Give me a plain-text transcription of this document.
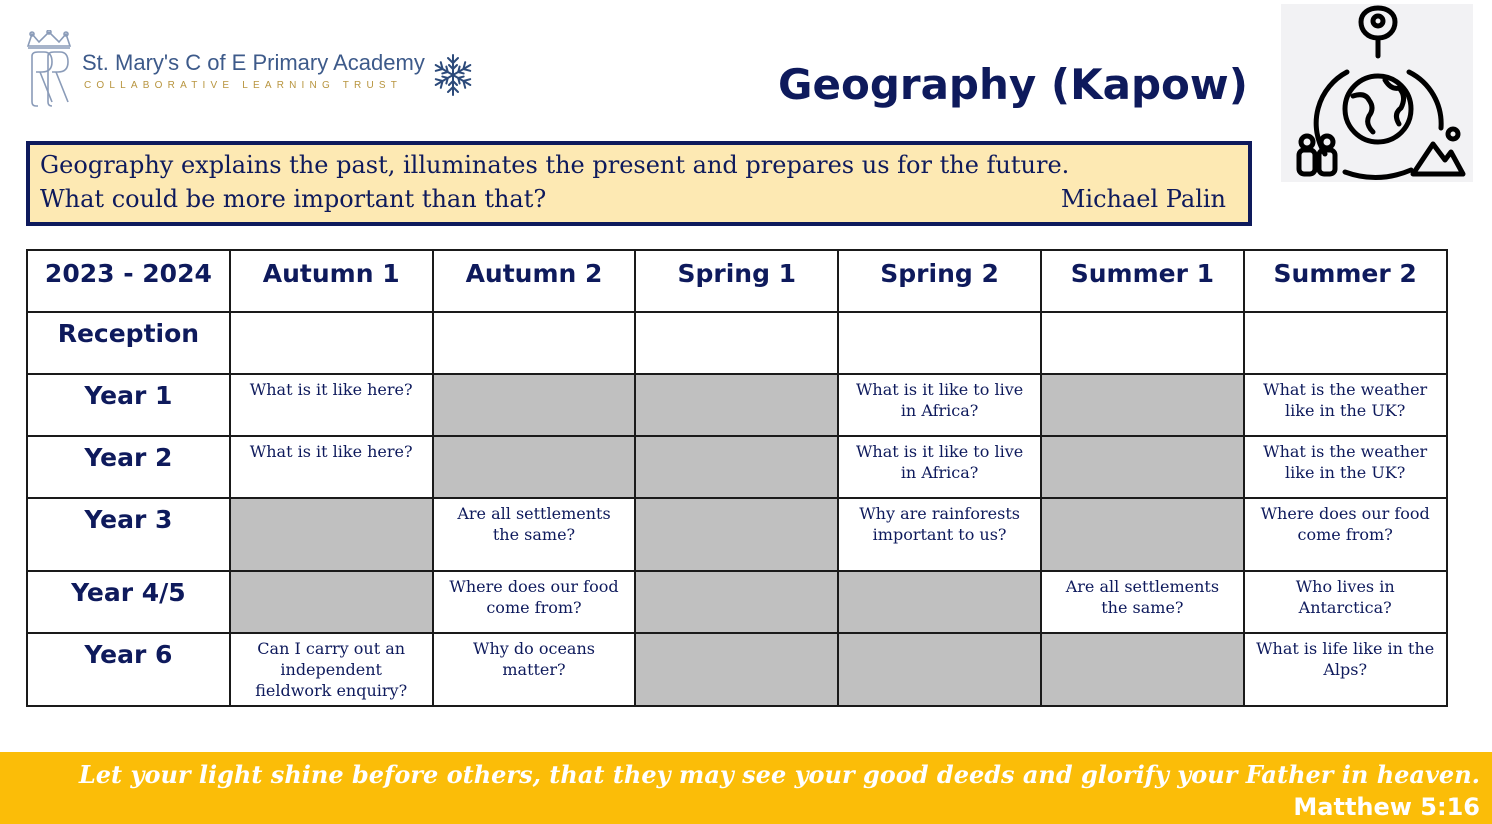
St. Mary's C of E Primary Academy
COLLABORATIVE LEARNING TRUST	Geography (Kapow)
Geography explains the past, illuminates the present and prepares us for the future.
What could be more important than that?	Michael Palin
2023 - 2024	Autumn 1	Autumn 2	Spring 1	Spring 2	Summer 1	Summer 2

Reception						

Year 1	What is it like here?			What is it like to live in Africa?		What is the weather like in the UK?

Year 2	What is it like here?			What is it like to live in Africa?		What is the weather like in the UK?

Year 3		Are all settlements the same?		Why are rainforests important to us?		Where does our food come from?

Year 4/5		Where does our food come from?			Are all settlements the same?	Who lives in Antarctica?

Year 6	Can I carry out an independent fieldwork enquiry?	Why do oceans matter?				What is life like in the Alps?
Let your light shine before others, that they may see your good deeds and glorify your Father in heaven.
Matthew 5:16
